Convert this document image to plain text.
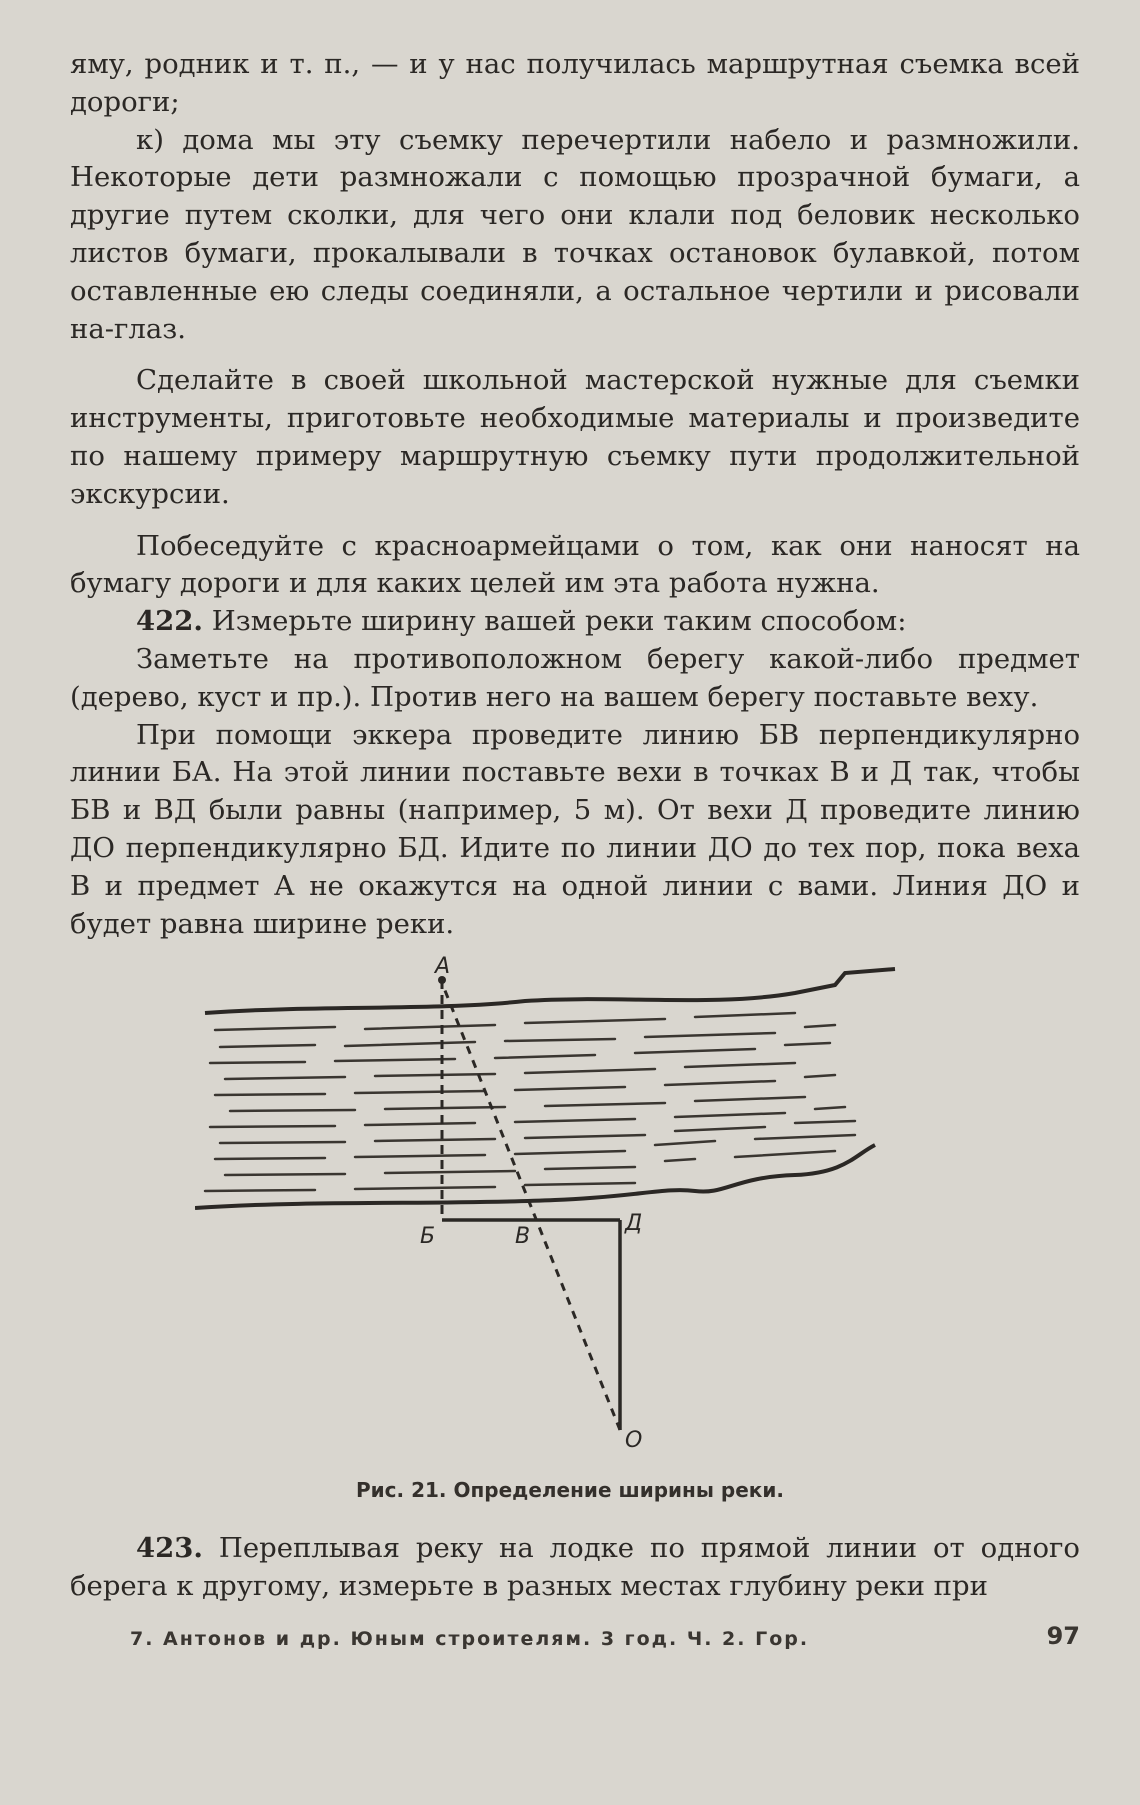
яму, родник и т. п., — и у нас получилась маршрутная съемка всей дороги;

к) дома мы эту съемку перечертили набело и размножили. Некоторые дети размножали с помощью прозрачной бумаги, а другие путем сколки, для чего они клали под беловик несколько листов бумаги, прокалывали в точках остановок булавкой, потом оставленные ею следы соединяли, а остальное чертили и рисовали на-глаз.

Сделайте в своей школьной мастерской нужные для съемки инструменты, приготовьте необходимые материалы и произведите по нашему примеру маршрутную съемку пути продолжительной экскурсии.

Побеседуйте с красноармейцами о том, как они наносят на бумагу дороги и для каких целей им эта работа нужна.

422. Измерьте ширину вашей реки таким способом:

Заметьте на противоположном берегу какой-либо предмет (дерево, куст и пр.). Против него на вашем берегу поставьте веху.

При помощи эккера проведите линию БВ перпендикулярно линии БА. На этой линии поставьте вехи в точках В и Д так, чтобы БВ и ВД были равны (например, 5 м). От вехи Д проведите линию ДО перпендикулярно БД. Идите по линии ДО до тех пор, пока веха В и предмет А не окажутся на одной линии с вами. Линия ДО и будет равна ширине реки.

A
Б	В
Д
О
Рис. 21. Определение ширины реки.

423. Переплывая реку на лодке по прямой линии от одного берега к другому, измерьте в разных местах глубину реки при

7. Антонов и др. Юным строителям. 3 год. Ч. 2. Гор.	97
